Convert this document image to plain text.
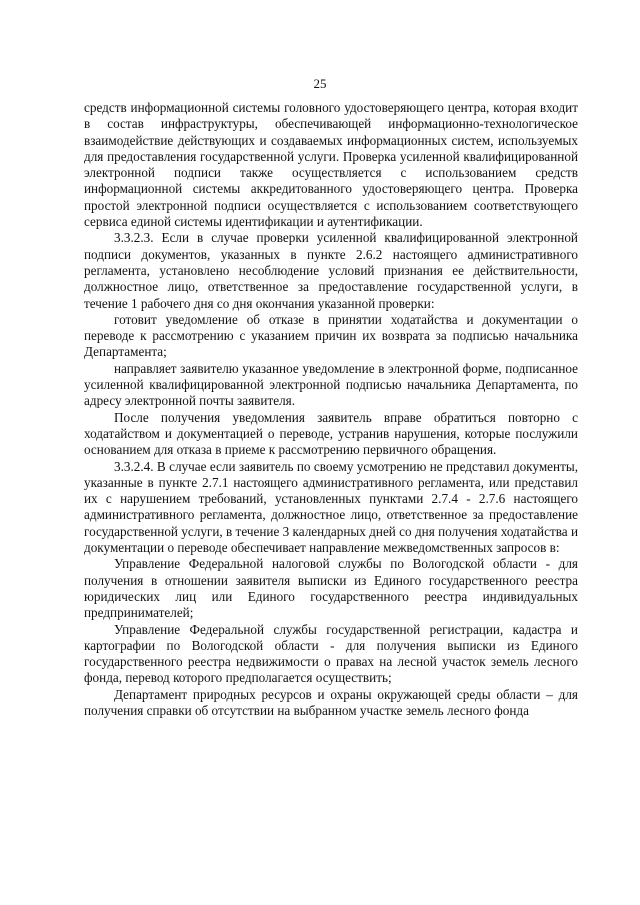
25

средств информационной системы головного удостоверяющего центра, которая входит в состав инфраструктуры, обеспечивающей информационно-технологическое взаимодействие действующих и создаваемых информационных систем, используемых для предоставления государственной услуги. Проверка усиленной квалифицированной электронной подписи также осуществляется с использованием средств информационной системы аккредитованного удостоверяющего центра. Проверка простой электронной подписи осуществляется с использованием соответствующего сервиса единой системы идентификации и аутентификации.

3.3.2.3. Если в случае проверки усиленной квалифицированной электронной подписи документов, указанных в пункте 2.6.2 настоящего административного регламента, установлено несоблюдение условий признания ее действительности, должностное лицо, ответственное за предоставление государственной услуги, в течение 1 рабочего дня со дня окончания указанной проверки:

готовит уведомление об отказе в принятии ходатайства и документации о переводе к рассмотрению с указанием причин их возврата за подписью начальника Департамента;

направляет заявителю указанное уведомление в электронной форме, подписанное усиленной квалифицированной электронной подписью начальника Департамента, по адресу электронной почты заявителя.

После получения уведомления заявитель вправе обратиться повторно с ходатайством и документацией о переводе, устранив нарушения, которые послужили основанием для отказа в приеме к рассмотрению первичного обращения.

3.3.2.4. В случае если заявитель по своему усмотрению не представил документы, указанные в пункте 2.7.1 настоящего административного регламента, или представил их с нарушением требований, установленных пунктами 2.7.4 - 2.7.6 настоящего административного регламента, должностное лицо, ответственное за предоставление государственной услуги, в течение 3 календарных дней со дня получения ходатайства и документации о переводе обеспечивает направление межведомственных запросов в:

Управление Федеральной налоговой службы по Вологодской области - для получения в отношении заявителя выписки из Единого государственного реестра юридических лиц или Единого государственного реестра индивидуальных предпринимателей;

Управление Федеральной службы государственной регистрации, кадастра и картографии по Вологодской области - для получения выписки из Единого государственного реестра недвижимости о правах на лесной участок земель лесного фонда, перевод которого предполагается осуществить;

Департамент природных ресурсов и охраны окружающей среды области – для получения справки об отсутствии на выбранном участке земель лесного фонда
